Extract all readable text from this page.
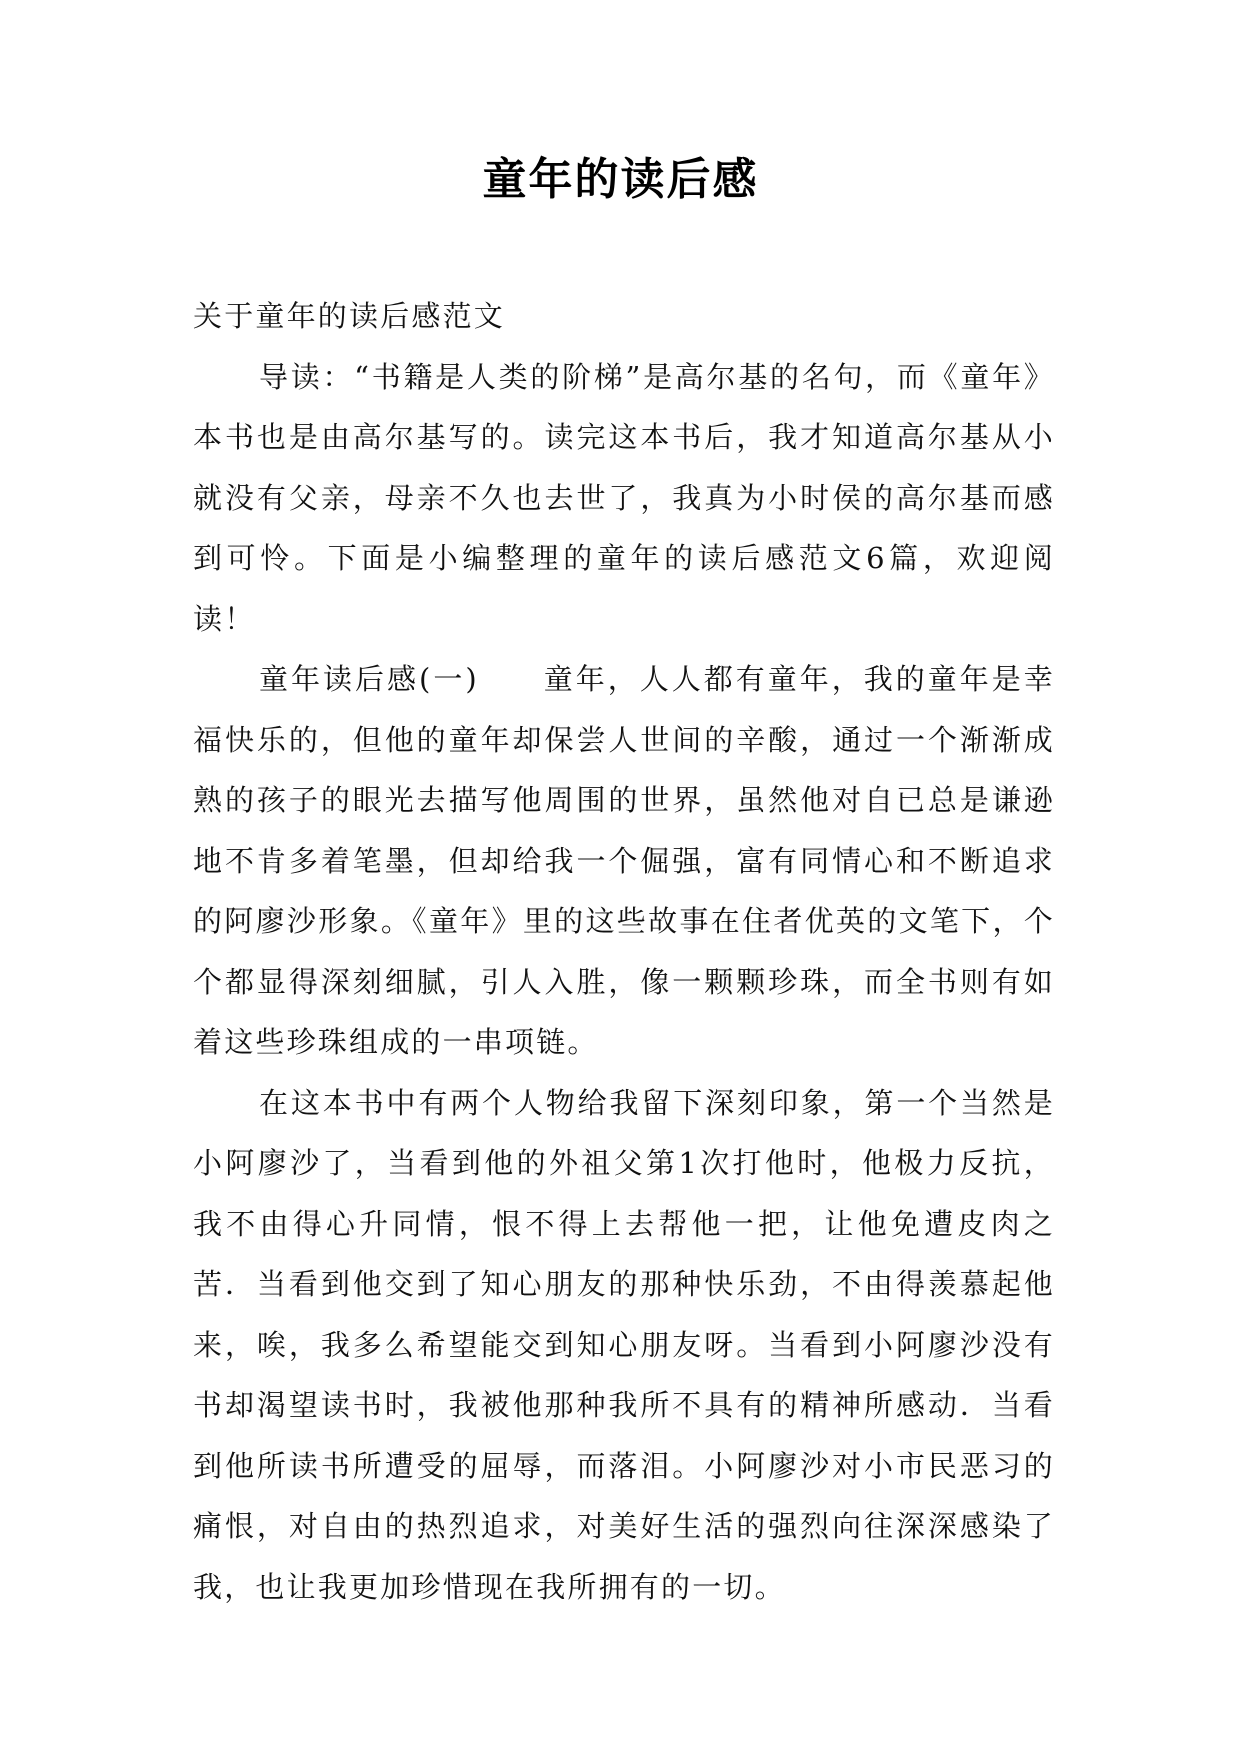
童年的读后感

关于童年的读后感范文

导读：“书籍是人类的阶梯”是高尔基的名句，而《童年》本书也是由高尔基写的。读完这本书后，我才知道高尔基从小就没有父亲，母亲不久也去世了，我真为小时侯的高尔基而感到可怜。下面是小编整理的童年的读后感范文6篇，欢迎阅读！

童年读后感(一)　　童年，人人都有童年，我的童年是幸福快乐的，但他的童年却保尝人世间的辛酸，通过一个渐渐成熟的孩子的眼光去描写他周围的世界，虽然他对自已总是谦逊地不肯多着笔墨，但却给我一个倔强，富有同情心和不断追求的阿廖沙形象。《童年》里的这些故事在住者优英的文笔下，个个都显得深刻细腻，引人入胜，像一颗颗珍珠，而全书则有如着这些珍珠组成的一串项链。

在这本书中有两个人物给我留下深刻印象，第一个当然是小阿廖沙了，当看到他的外祖父第1次打他时，他极力反抗，我不由得心升同情，恨不得上去帮他一把，让他免遭皮肉之苦．当看到他交到了知心朋友的那种快乐劲，不由得羡慕起他来，唉，我多么希望能交到知心朋友呀。当看到小阿廖沙没有书却渴望读书时，我被他那种我所不具有的精神所感动．当看到他所读书所遭受的屈辱，而落泪。小阿廖沙对小市民恶习的痛恨，对自由的热烈追求，对美好生活的强烈向往深深感染了我，也让我更加珍惜现在我所拥有的一切。
